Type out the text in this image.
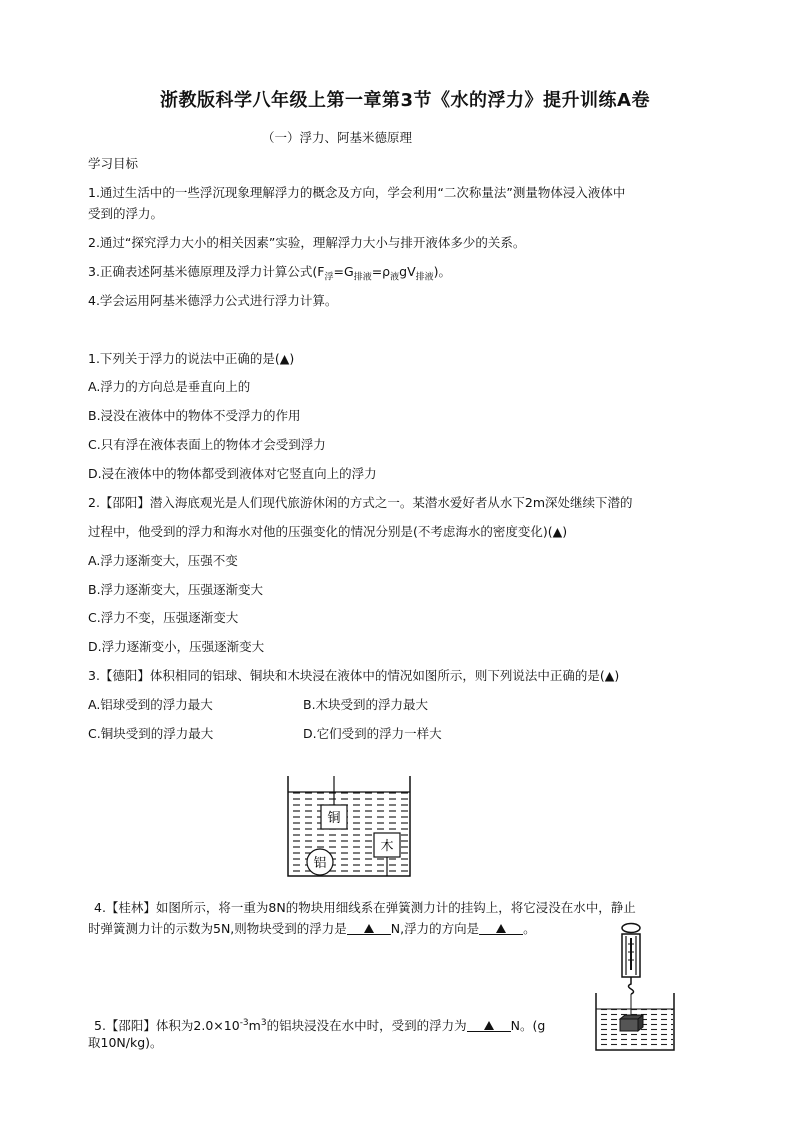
浙教版科学八年级上第一章第3节《水的浮力》提升训练A卷
（一）浮力、阿基米德原理
学习目标
1.通过生活中的一些浮沉现象理解浮力的概念及方向，学会利用“二次称量法”测量物体浸入液体中
受到的浮力。
2.通过“探究浮力大小的相关因素”实验，理解浮力大小与排开液体多少的关系。
3.正确表述阿基米德原理及浮力计算公式$(F_浮=G_{排液}=\rho_液gV_{排液})$。
4.学会运用阿基米德浮力公式进行浮力计算。
1.下列关于浮力的说法中正确的是(▲)
A.浮力的方向总是垂直向上的
B.浸没在液体中的物体不受浮力的作用
C.只有浮在液体表面上的物体才会受到浮力
D.浸在液体中的物体都受到液体对它竖直向上的浮力
2.【邵阳】潜入海底观光是人们现代旅游休闲的方式之一。某潜水爱好者从水下2m深处继续下潜的
过程中，他受到的浮力和海水对他的压强变化的情况分别是(不考虑海水的密度变化)(▲)
A.浮力逐渐变大，压强不变
B.浮力逐渐变大，压强逐渐变大
C.浮力不变，压强逐渐变大
D.浮力逐渐变小，压强逐渐变大
3.【德阳】体积相同的铝球、铜块和木块浸在液体中的情况如图所示，则下列说法中正确的是(▲)
A.铝球受到的浮力最大	B.木块受到的浮力最大
C.铜块受到的浮力最大	D.它们受到的浮力一样大
铜
木
铝
4.【桂林】如图所示，将一重为8N的物块用细线系在弹簧测力计的挂钩上，将它浸没在水中，静止
时弹簧测力计的示数为5N,则物块受到的浮力是	N,浮力的方向是	。
5.【邵阳】体积为$2.0\times 10^{-3}m^3$的铝块浸没在水中时，受到的浮力为	N。(g
取10N/kg)。
